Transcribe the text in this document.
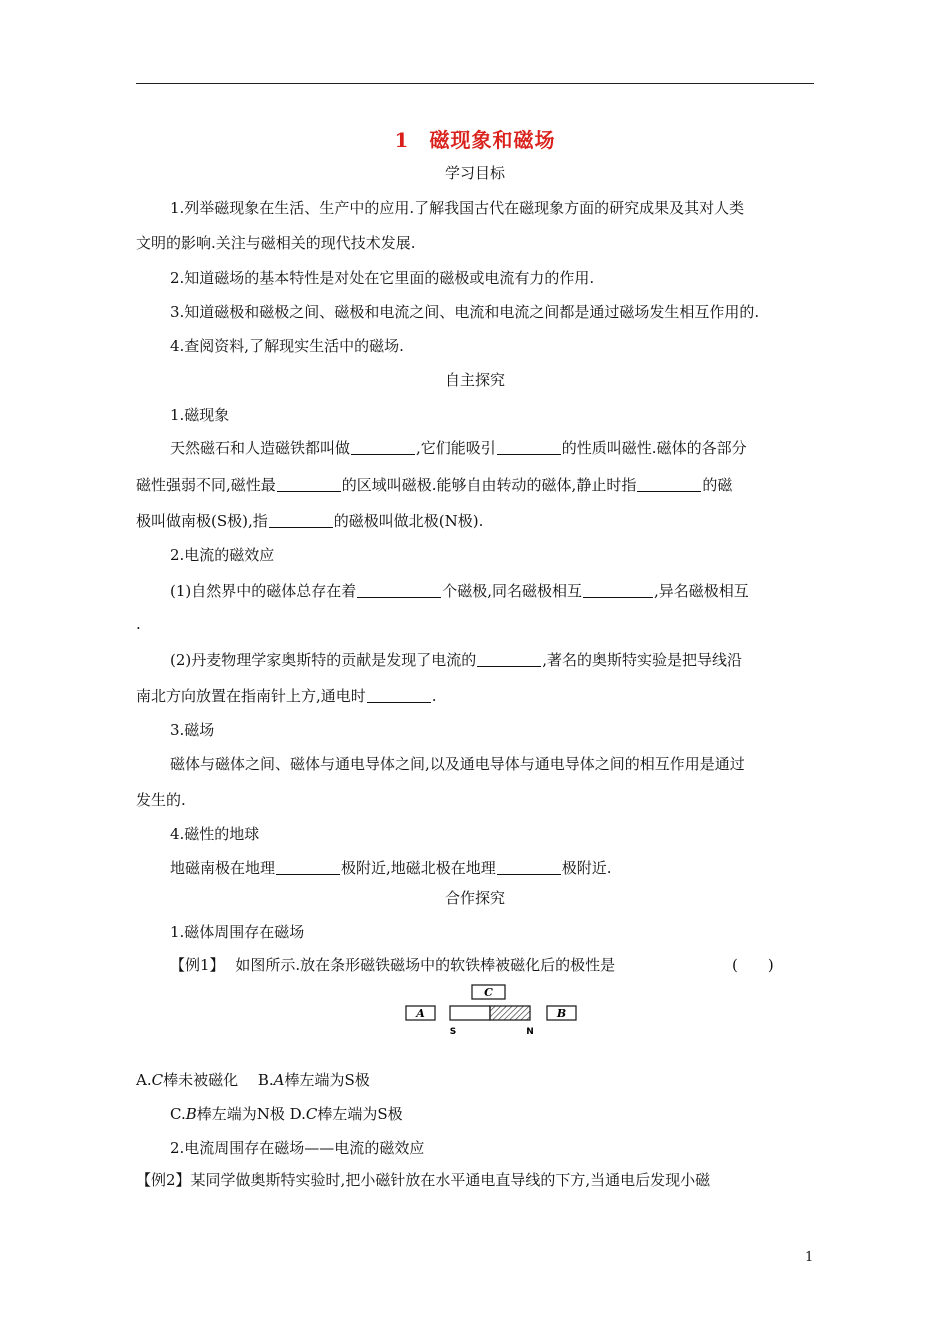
1 磁现象和磁场
学习目标
1.列举磁现象在生活、生产中的应用.了解我国古代在磁现象方面的研究成果及其对人类
文明的影响.关注与磁相关的现代技术发展.
2.知道磁场的基本特性是对处在它里面的磁极或电流有力的作用.
3.知道磁极和磁极之间、磁极和电流之间、电流和电流之间都是通过磁场发生相互作用的.
4.查阅资料,了解现实生活中的磁场.
自主探究
1.磁现象
天然磁石和人造磁铁都叫做	,它们能吸引	的性质叫磁性.磁体的各部分
磁性强弱不同,磁性最	的区域叫磁极.能够自由转动的磁体,静止时指	的磁
极叫做南极(S极),指	的磁极叫做北极(N极).
2.电流的磁效应
(1)自然界中的磁体总存在着	个磁极,同名磁极相互	,异名磁极相互
.
(2)丹麦物理学家奥斯特的贡献是发现了电流的	,著名的奥斯特实验是把导线沿
南北方向放置在指南针上方,通电时	.
3.磁场
磁体与磁体之间、磁体与通电导体之间,以及通电导体与通电导体之间的相互作用是通过
发生的.
4.磁性的地球
地磁南极在地理	极附近,地磁北极在地理	极附近.
合作探究
1.磁体周围存在磁场
【例1】 如图所示.放在条形磁铁磁场中的软铁棒被磁化后的极性是	(　　)
A
C
B
S	N
A.C棒未被磁化　 B.A棒左端为S极
C.B棒左端为N极 D.C棒左端为S极
2.电流周围存在磁场——电流的磁效应
【例2】某同学做奥斯特实验时,把小磁针放在水平通电直导线的下方,当通电后发现小磁
1
